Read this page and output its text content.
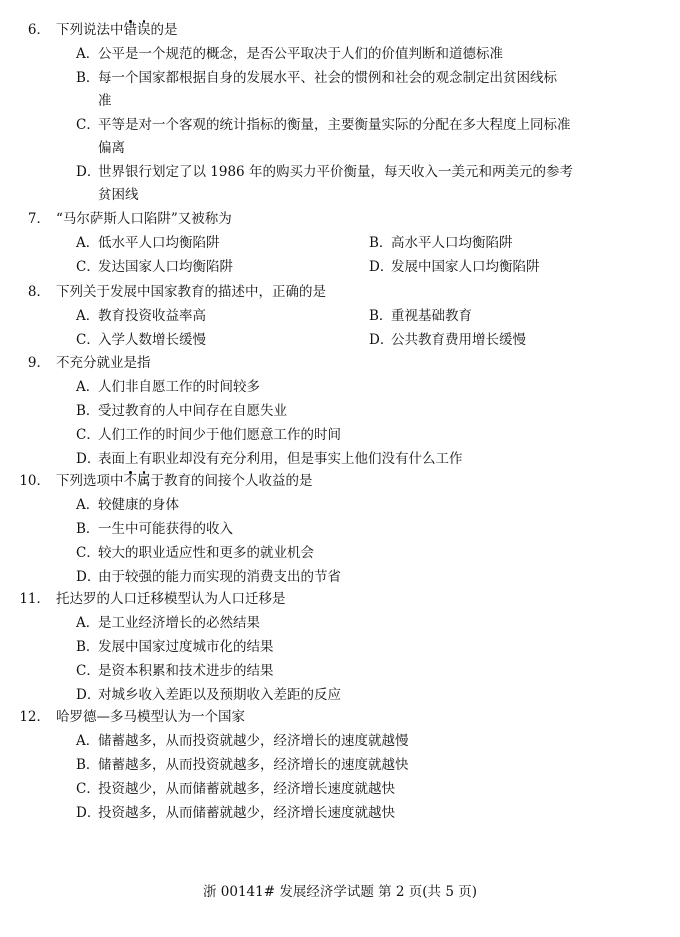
6． 下列说法中错误的是
A．
公平是一个规范的概念，是否公平取决于人们的价值判断和道德标准
B．
每一个国家都根据自身的发展水平、社会的惯例和社会的观念制定出贫困线标
准
C．
平等是对一个客观的统计指标的衡量，主要衡量实际的分配在多大程度上同标准
偏离
D．
世界银行划定了以 1986 年的购买力平价衡量，每天收入一美元和两美元的参考
贫困线
7． “马尔萨斯人口陷阱”又被称为
A．
低水平人口均衡陷阱	B．
高水平人口均衡陷阱
C．
发达国家人口均衡陷阱	D．
发展中国家人口均衡陷阱
8． 下列关于发展中国家教育的描述中，正确的是
A．
教育投资收益率高	B．
重视基础教育
C．
入学人数增长缓慢	D．
公共教育费用增长缓慢
9． 不充分就业是指
A．
人们非自愿工作的时间较多
B．
受过教育的人中间存在自愿失业
C．
人们工作的时间少于他们愿意工作的时间
D．
表面上有职业却没有充分利用，但是事实上他们没有什么工作
10． 下列选项中不属于教育的间接个人收益的是
A．
较健康的身体
B．
一生中可能获得的收入
C．
较大的职业适应性和更多的就业机会
D．
由于较强的能力而实现的消费支出的节省
11． 托达罗的人口迁移模型认为人口迁移是
A．
是工业经济增长的必然结果
B．
发展中国家过度城市化的结果
C．
是资本积累和技术进步的结果
D．
对城乡收入差距以及预期收入差距的反应
12． 哈罗德—多马模型认为一个国家
A．
储蓄越多，从而投资就越少，经济增长的速度就越慢
B．
储蓄越多，从而投资就越多，经济增长的速度就越快
C．
投资越少，从而储蓄就越多，经济增长速度就越快
D．
投资越多，从而储蓄就越少，经济增长速度就越快
浙 00141# 发展经济学试题 第 2 页(共 5 页)
